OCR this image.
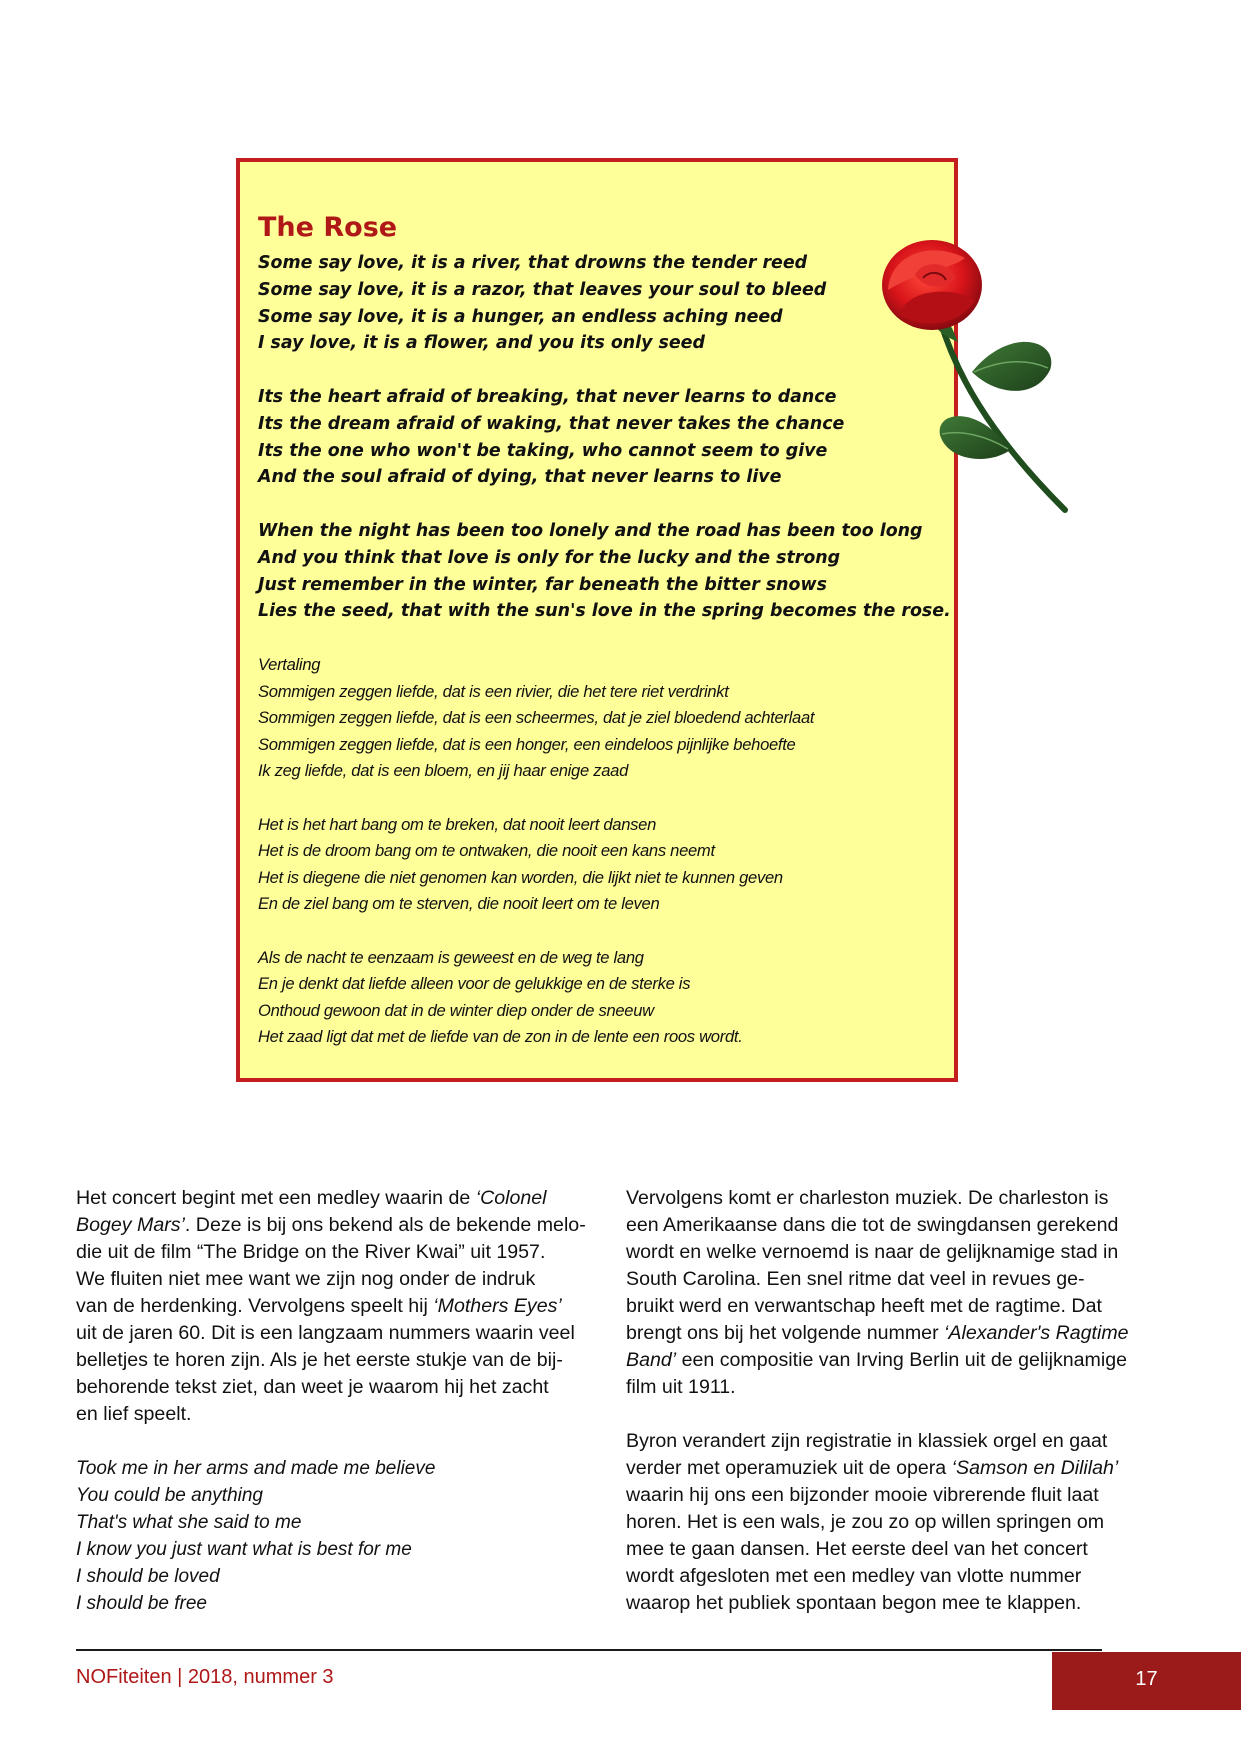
The Rose
Some say love, it is a river, that drowns the tender reed
Some say love, it is a razor, that leaves your soul to bleed
Some say love, it is a hunger, an endless aching need
I say love, it is a flower, and you its only seed
Its the heart afraid of breaking, that never learns to dance
Its the dream afraid of waking, that never takes the chance
Its the one who won't be taking, who cannot seem to give
And the soul afraid of dying, that never learns to live
When the night has been too lonely and the road has been too long
And you think that love is only for the lucky and the strong
Just remember in the winter, far beneath the bitter snows
Lies the seed, that with the sun's love in the spring becomes the rose.
Vertaling
Sommigen zeggen liefde, dat is een rivier, die het tere riet verdrinkt
Sommigen zeggen liefde, dat is een scheermes, dat je ziel bloedend achterlaat
Sommigen zeggen liefde, dat is een honger, een eindeloos pijnlijke behoefte
Ik zeg liefde, dat is een bloem, en jij haar enige zaad
Het is het hart bang om te breken, dat nooit leert dansen
Het is de droom bang om te ontwaken, die nooit een kans neemt
Het is diegene die niet genomen kan worden, die lijkt niet te kunnen geven
En de ziel bang om te sterven, die nooit leert om te leven
Als de nacht te eenzaam is geweest en de weg te lang
En je denkt dat liefde alleen voor de gelukkige en de sterke is
Onthoud gewoon dat in de winter diep onder de sneeuw
Het zaad ligt dat met de liefde van de zon in de lente een roos wordt.

Het concert begint met een medley waarin de ‘Colonel
Bogey Mars’. Deze is bij ons bekend als de bekende melo-
die uit de film “The Bridge on the River Kwai” uit 1957.
We fluiten niet mee want we zijn nog onder de indruk
van de herdenking. Vervolgens speelt hij ‘Mothers Eyes’
uit de jaren 60. Dit is een langzaam nummers waarin veel
belletjes te horen zijn. Als je het eerste stukje van de bij-
behorende tekst ziet, dan weet je waarom hij het zacht
en lief speelt.

Took me in her arms and made me believe
You could be anything
That's what she said to me
I know you just want what is best for me
I should be loved
I should be free

Vervolgens komt er charleston muziek. De charleston is
een Amerikaanse dans die tot de swingdansen gerekend
wordt en welke vernoemd is naar de gelijknamige stad in
South Carolina. Een snel ritme dat veel in revues ge-
bruikt werd en verwantschap heeft met de ragtime. Dat
brengt ons bij het volgende nummer ‘Alexander's Ragtime
Band’ een compositie van Irving Berlin uit de gelijknamige
film uit 1911.

Byron verandert zijn registratie in klassiek orgel en gaat
verder met operamuziek uit de opera ‘Samson en Dililah’
waarin hij ons een bijzonder mooie vibrerende fluit laat
horen. Het is een wals, je zou zo op willen springen om
mee te gaan dansen. Het eerste deel van het concert
wordt afgesloten met een medley van vlotte nummer
waarop het publiek spontaan begon mee te klappen.

NOFiteiten | 2018, nummer 3	17
